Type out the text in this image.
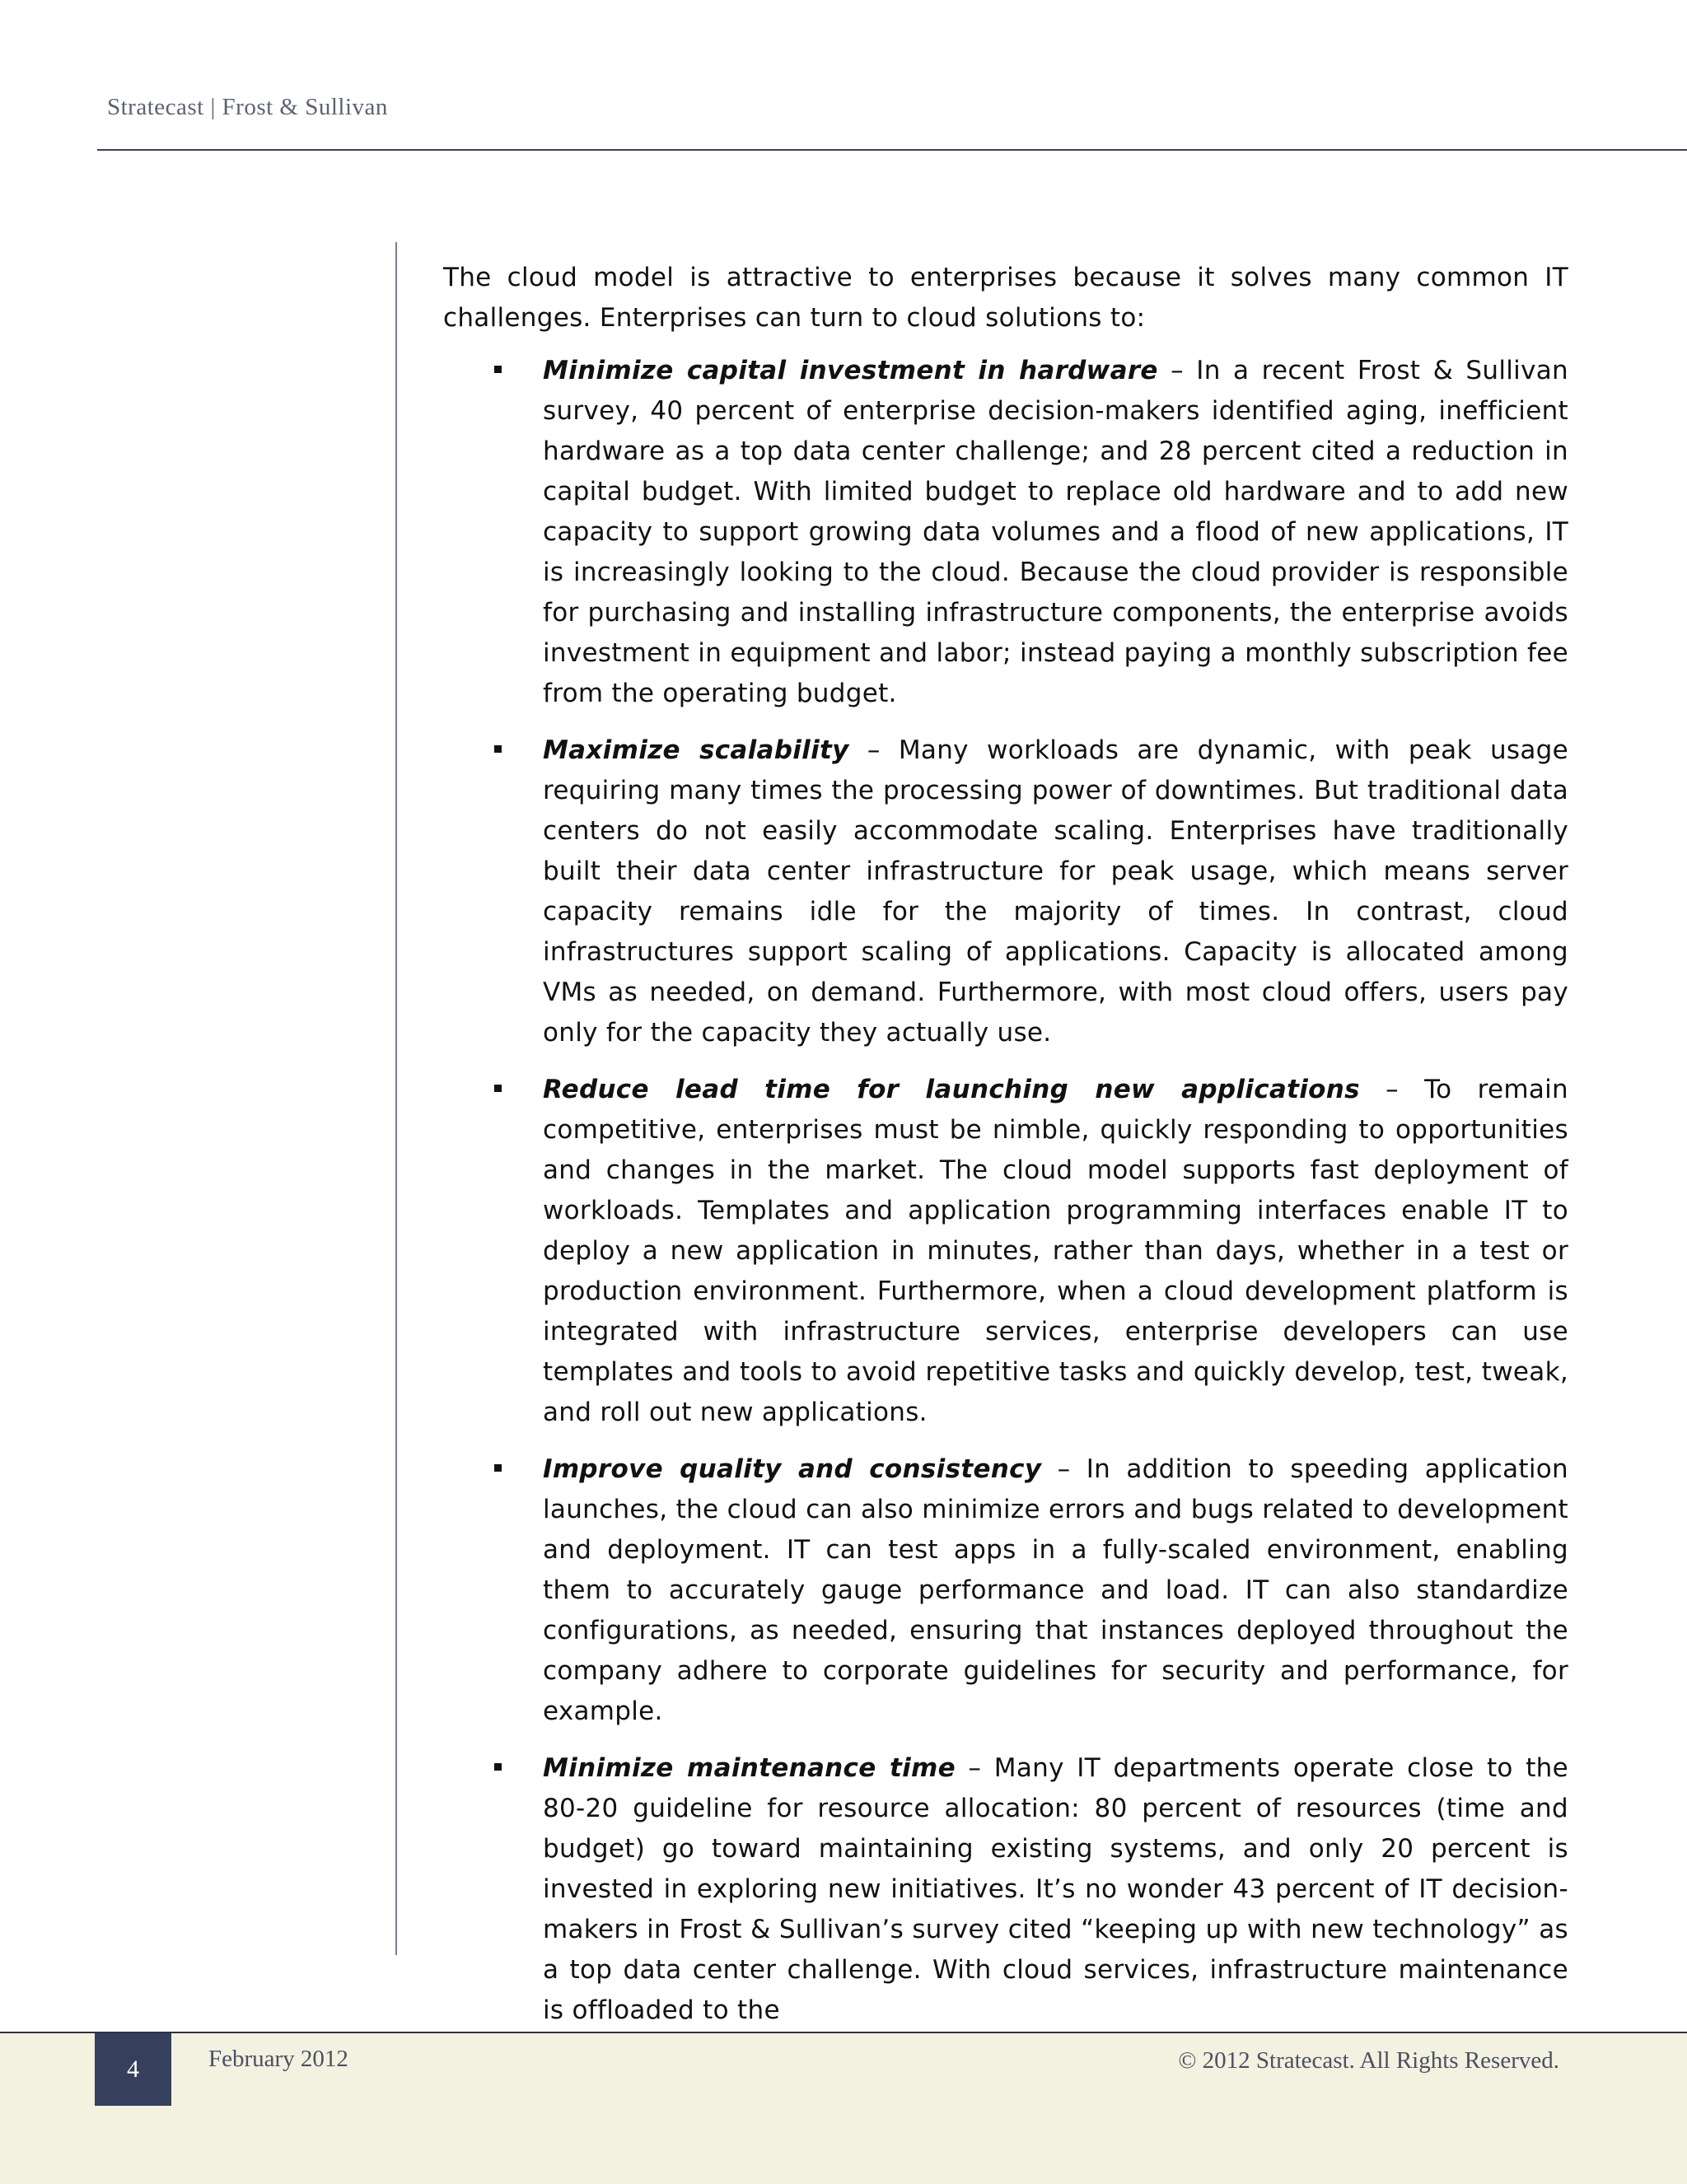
Stratecast | Frost & Sullivan

The cloud model is attractive to enterprises because it solves many common IT challenges. Enterprises can turn to cloud solutions to:

Minimize capital investment in hardware – In a recent Frost & Sullivan survey, 40 percent of enterprise decision-makers identified aging, inefficient hardware as a top data center challenge; and 28 percent cited a reduction in capital budget. With limited budget to replace old hardware and to add new capacity to support growing data volumes and a flood of new applications, IT is increasingly looking to the cloud. Because the cloud provider is responsible for purchasing and installing infrastructure components, the enterprise avoids investment in equipment and labor; instead paying a monthly subscription fee from the operating budget.
Maximize scalability – Many workloads are dynamic, with peak usage requiring many times the processing power of downtimes. But traditional data centers do not easily accommodate scaling. Enterprises have traditionally built their data center infrastructure for peak usage, which means server capacity remains idle for the majority of times. In contrast, cloud infrastructures support scaling of applications. Capacity is allocated among VMs as needed, on demand. Furthermore, with most cloud offers, users pay only for the capacity they actually use.
Reduce lead time for launching new applications – To remain competitive, enterprises must be nimble, quickly responding to opportunities and changes in the market. The cloud model supports fast deployment of workloads. Templates and application programming interfaces enable IT to deploy a new application in minutes, rather than days, whether in a test or production environment. Furthermore, when a cloud development platform is integrated with infrastructure services, enterprise developers can use templates and tools to avoid repetitive tasks and quickly develop, test, tweak, and roll out new applications.
Improve quality and consistency – In addition to speeding application launches, the cloud can also minimize errors and bugs related to development and deployment. IT can test apps in a fully-scaled environment, enabling them to accurately gauge performance and load. IT can also standardize configurations, as needed, ensuring that instances deployed throughout the company adhere to corporate guidelines for security and performance, for example.
Minimize maintenance time – Many IT departments operate close to the 80-20 guideline for resource allocation: 80 percent of resources (time and budget) go toward maintaining existing systems, and only 20 percent is invested in exploring new initiatives. It’s no wonder 43 percent of IT decision-makers in Frost & Sullivan’s survey cited “keeping up with new technology” as a top data center challenge. With cloud services, infrastructure maintenance is offloaded to the
4	February 2012	© 2012 Stratecast. All Rights Reserved.
